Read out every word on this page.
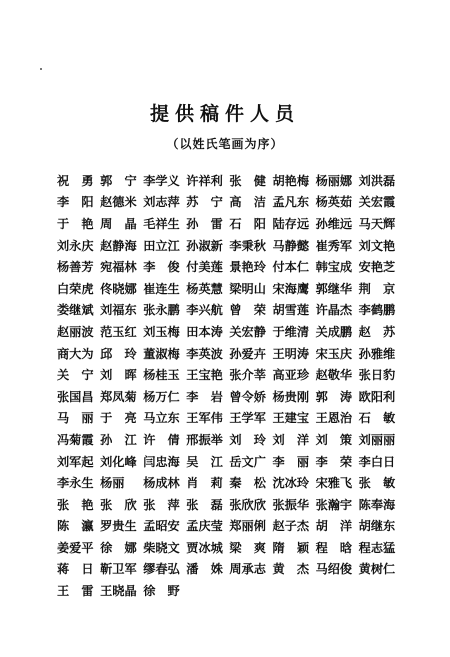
提供稿件人员
（以姓氏笔画为序）
祝　勇 郭　宁 李学义 许祥利 张　健 胡艳梅 杨丽娜 刘洪磊
李　阳 赵德米 刘志萍 苏　宁 高　洁 孟凡东 杨英茹 关宏霞
于　艳 周　晶 毛祥生 孙　雷 石　阳 陆存远 孙维远 马天辉
刘永庆 赵静海 田立江 孙淑新 李秉秋 马静懿 崔秀军 刘文艳
杨善芳 宛福林 李　俊 付美莲 景艳玲 付本仁 韩宝成 安艳芝
白荣虎 佟晓娜 崔连生 杨英慧 梁明山 宋海鹰 郭继华 荆　京
娄继斌 刘福东 张永鹏 李兴航 曾　荣 胡雪莲 许晶杰 李鹤鹏
赵丽波 范玉红 刘玉梅 田本涛 关宏静 于维清 关成鹏 赵　苏
商大为 邱　玲 董淑梅 李英波 孙爱卉 王明涛 宋玉庆 孙雅维
关　宁 刘　晖 杨桂玉 王宝艳 张介莘 高亚珍 赵敬华 张日豹
张国昌 郑凤菊 杨万仁 李　岩 曾令娇 杨贵刚 郭　涛 欧阳利
马　丽 于　亮 马立东 王军伟 王学军 王建宝 王恩治 石　敏
冯菊霞 孙　江 许　倩 邢振举 刘　玲 刘　洋 刘　策 刘丽丽
刘军起 刘化峰 闫忠海 吴　江 岳文广 李　丽 李　荣 李白日
李永生 杨丽	杨成林 肖　莉 秦　松 沈冰玲 宋雅飞 张　敏
张　艳 张　欣 张　萍 张　磊 张欣欣 张振华 张瀚宇 陈奉海
陈　瀛 罗贵生 孟昭安 孟庆莹 郑丽俐 赵子杰 胡　洋 胡继东
姜爱平 徐　娜 柴晓文 贾冰城 梁　爽 隋　颖 程　晗 程志猛
蒋　日 靳卫军 缪春弘 潘　姝 周承志 黄　杰 马绍俊 黄树仁
王　雷 王晓晶 徐　野
